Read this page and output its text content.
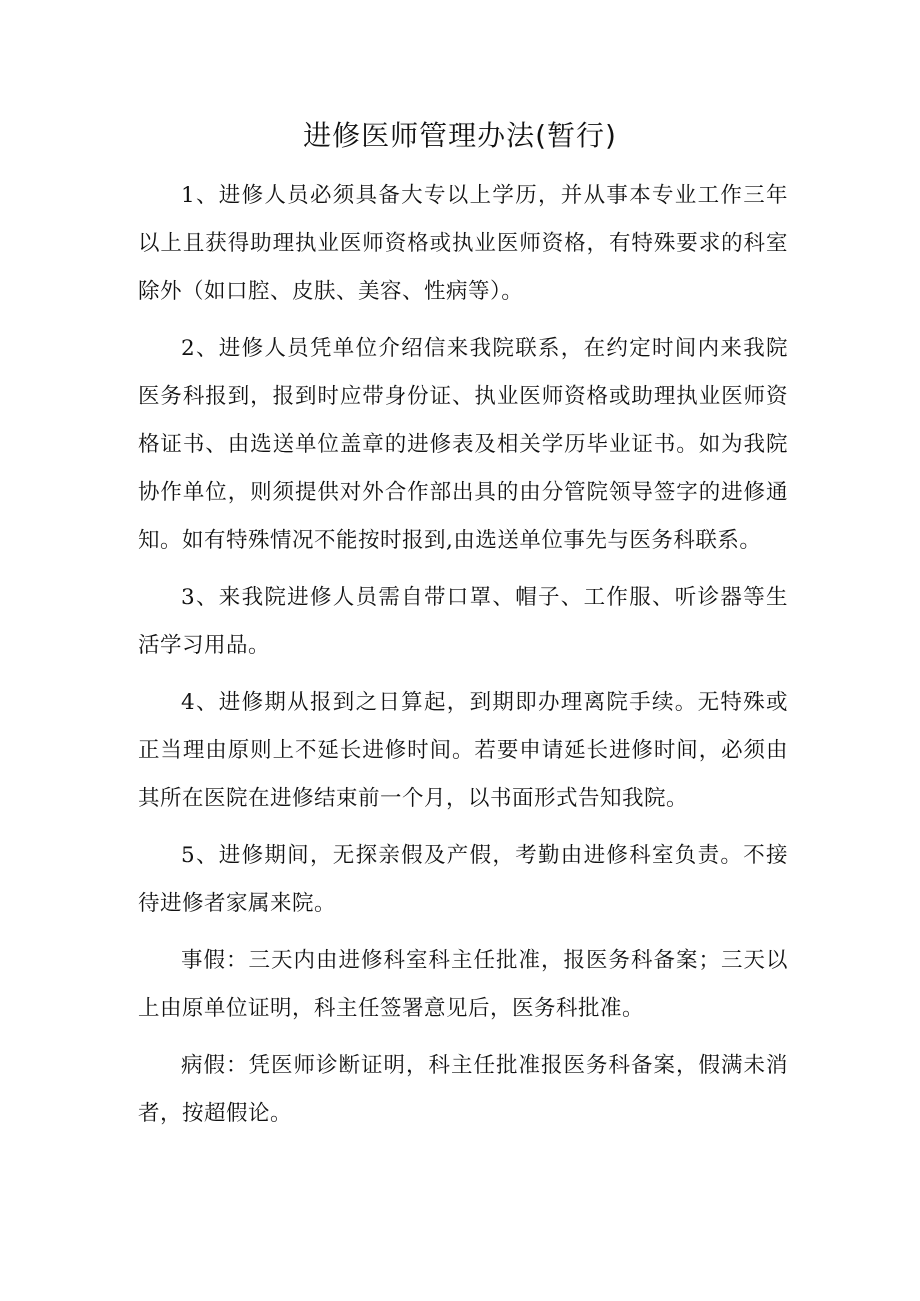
进修医师管理办法(暂行)

1、进修人员必须具备大专以上学历，并从事本专业工作三年以上且获得助理执业医师资格或执业医师资格，有特殊要求的科室除外（如口腔、皮肤、美容、性病等）。

2、进修人员凭单位介绍信来我院联系，在约定时间内来我院医务科报到，报到时应带身份证、执业医师资格或助理执业医师资格证书、由选送单位盖章的进修表及相关学历毕业证书。如为我院协作单位，则须提供对外合作部出具的由分管院领导签字的进修通知。如有特殊情况不能按时报到,由选送单位事先与医务科联系。

3、来我院进修人员需自带口罩、帽子、工作服、听诊器等生活学习用品。

4、进修期从报到之日算起，到期即办理离院手续。无特殊或正当理由原则上不延长进修时间。若要申请延长进修时间，必须由其所在医院在进修结束前一个月，以书面形式告知我院。

5、进修期间，无探亲假及产假，考勤由进修科室负责。不接待进修者家属来院。

事假：三天内由进修科室科主任批准，报医务科备案；三天以上由原单位证明，科主任签署意见后，医务科批准。

病假：凭医师诊断证明，科主任批准报医务科备案，假满未消者，按超假论。
